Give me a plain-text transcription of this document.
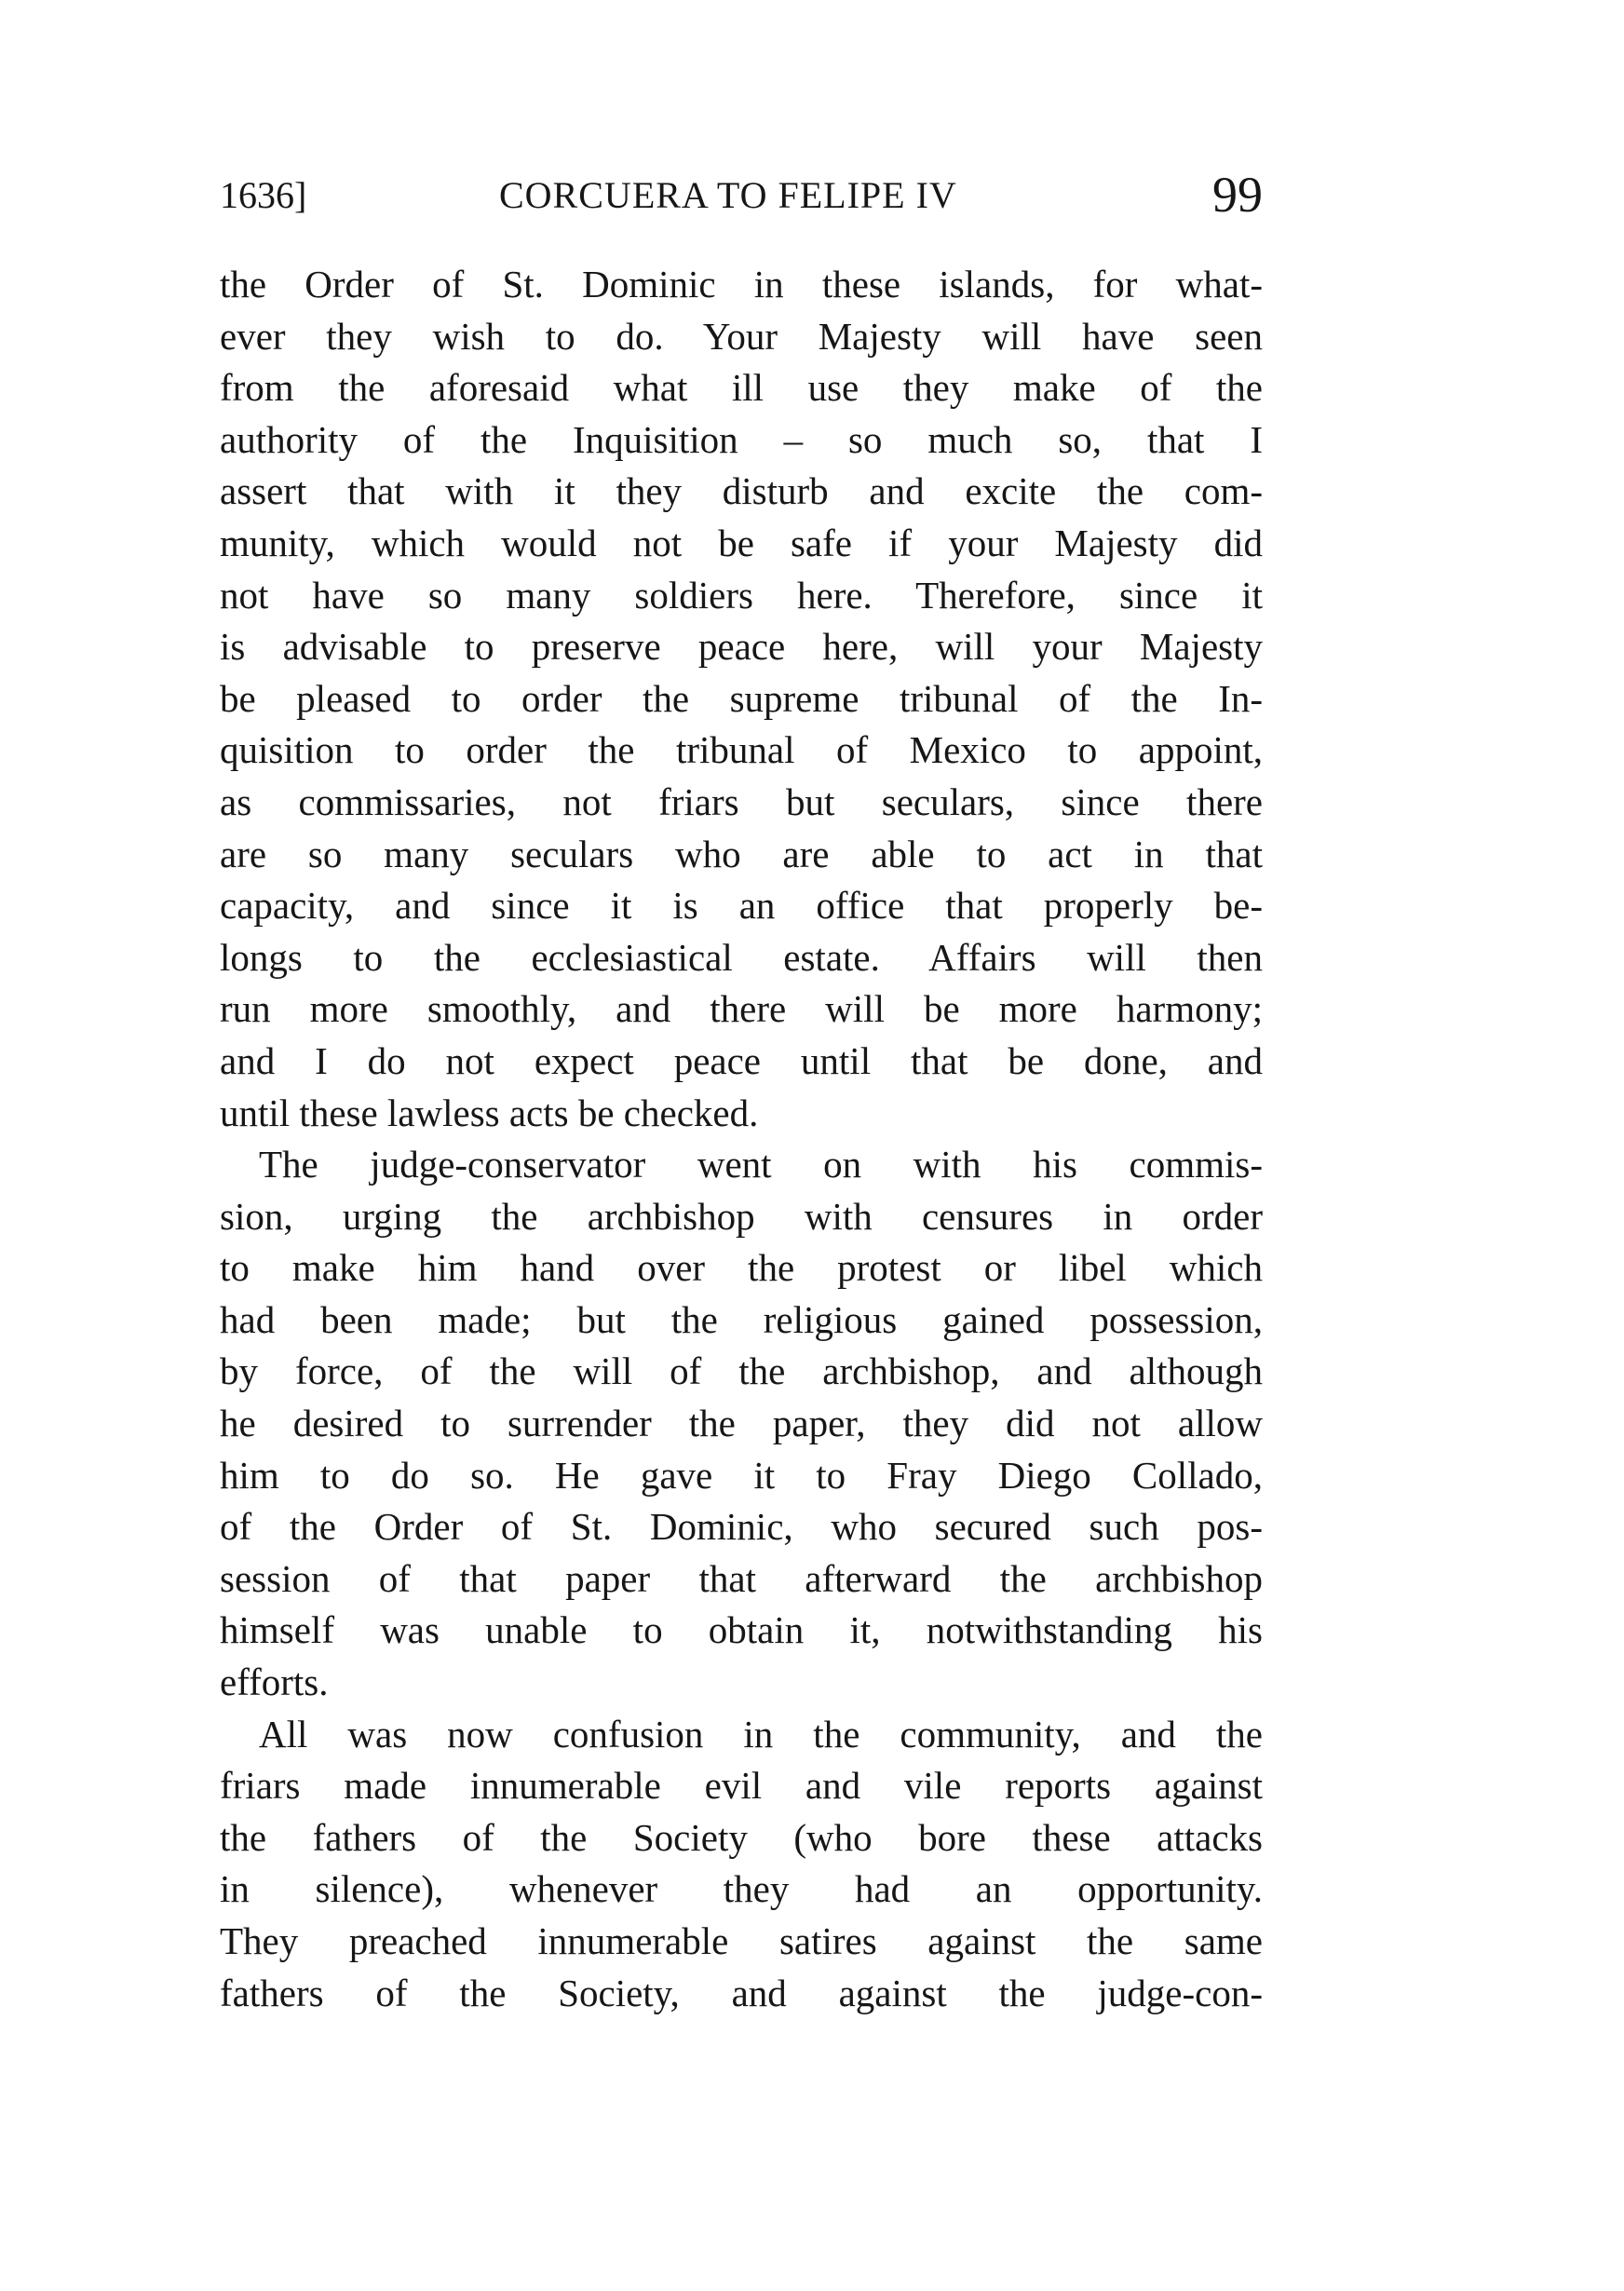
1636]	CORCUERA TO FELIPE IV	99

the Order of St. Dominic in these islands, for what-
ever they wish to do. Your Majesty will have seen
from the aforesaid what ill use they make of the
authority of the Inquisition – so much so, that I
assert that with it they disturb and excite the com-
munity, which would not be safe if your Majesty did
not have so many soldiers here. Therefore, since it
is advisable to preserve peace here, will your Majesty
be pleased to order the supreme tribunal of the In-
quisition to order the tribunal of Mexico to appoint,
as commissaries, not friars but seculars, since there
are so many seculars who are able to act in that
capacity, and since it is an office that properly be-
longs to the ecclesiastical estate. Affairs will then
run more smoothly, and there will be more harmony;
and I do not expect peace until that be done, and
until these lawless acts be checked.

The judge-conservator went on with his commis-
sion, urging the archbishop with censures in order
to make him hand over the protest or libel which
had been made; but the religious gained possession,
by force, of the will of the archbishop, and although
he desired to surrender the paper, they did not allow
him to do so. He gave it to Fray Diego Collado,
of the Order of St. Dominic, who secured such pos-
session of that paper that afterward the archbishop
himself was unable to obtain it, notwithstanding his
efforts.

All was now confusion in the community, and the
friars made innumerable evil and vile reports against
the fathers of the Society (who bore these attacks
in silence), whenever they had an opportunity.
They preached innumerable satires against the same
fathers of the Society, and against the judge-con-
